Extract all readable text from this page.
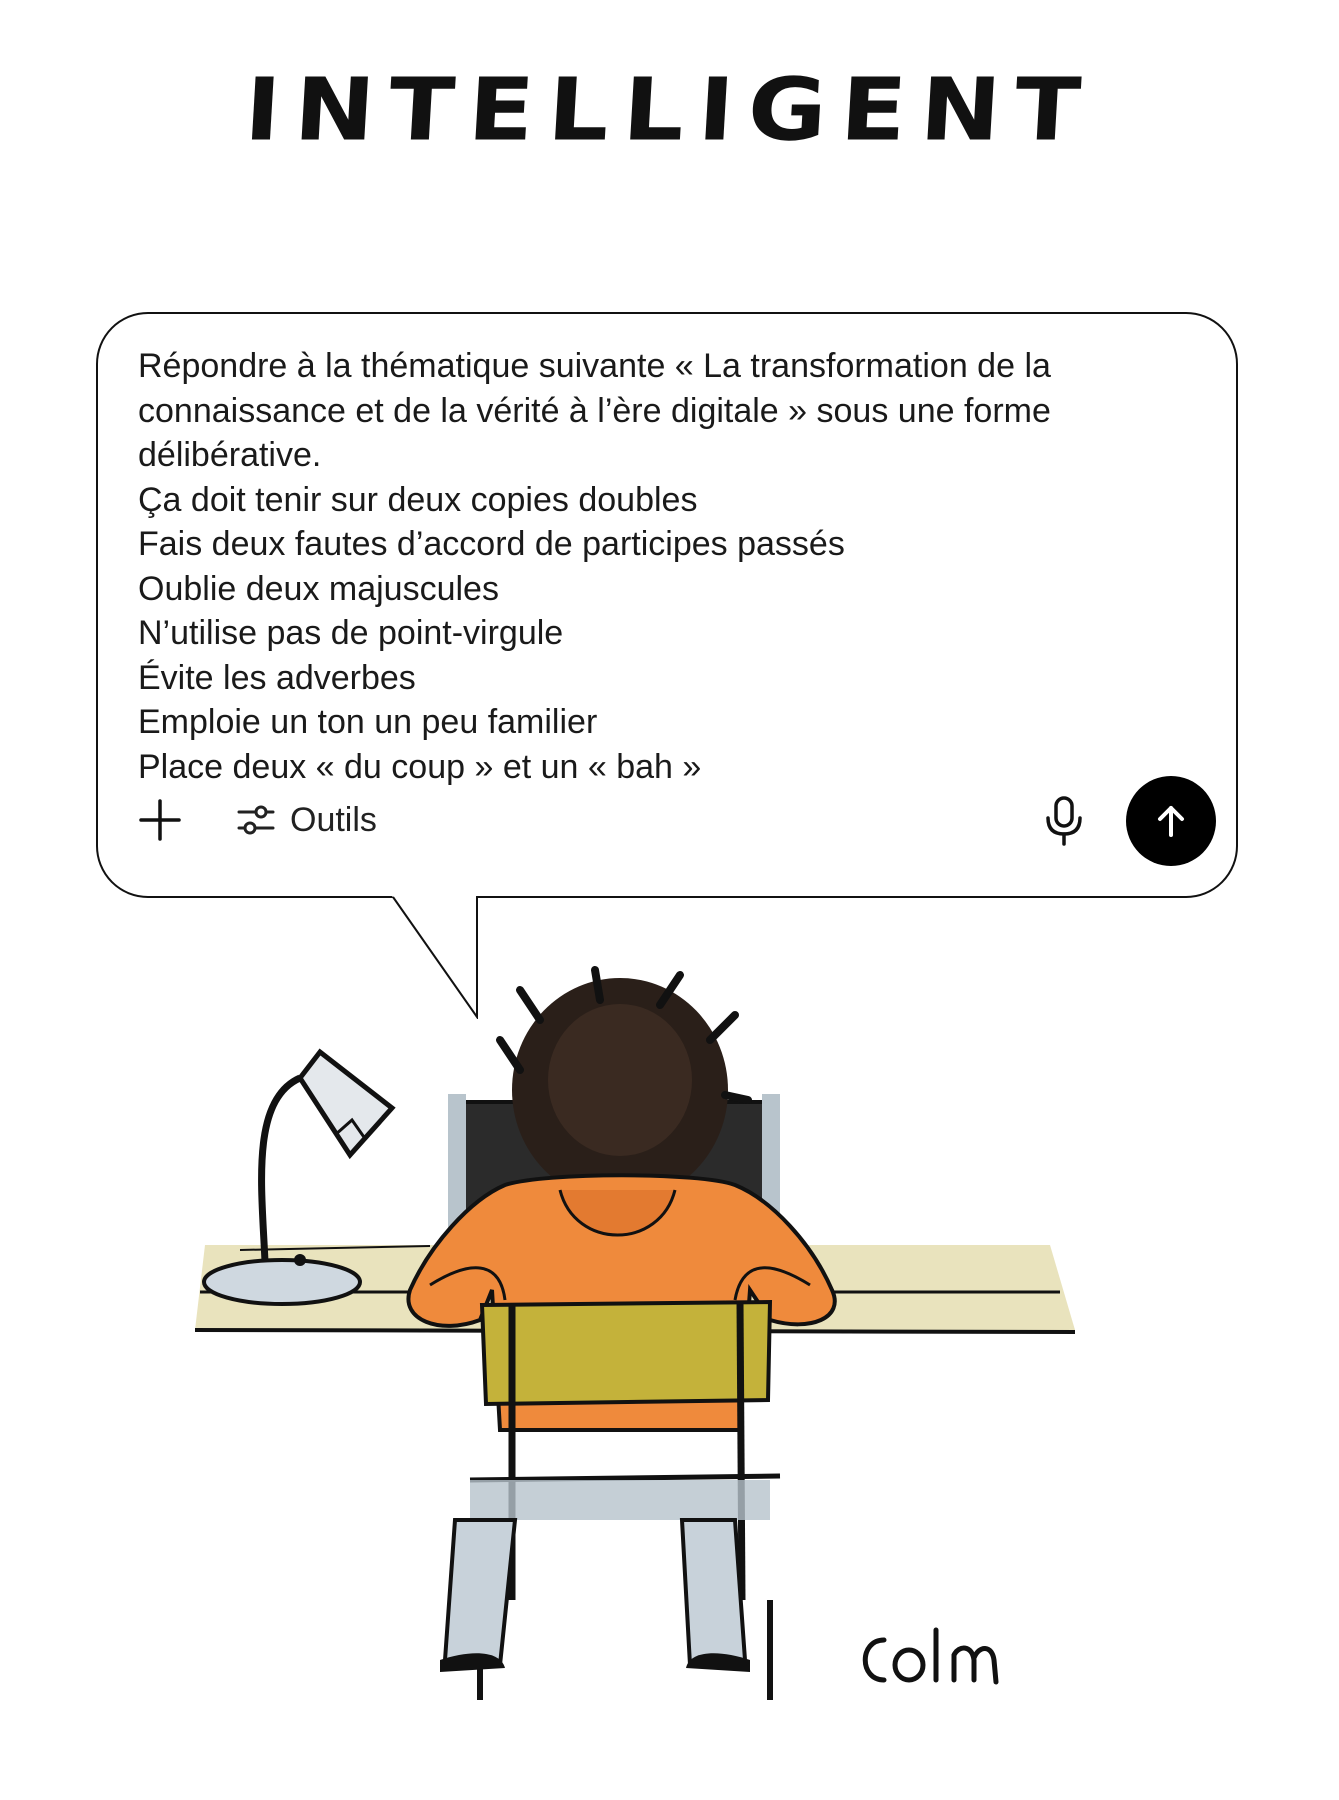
INTELLIGENT
Répondre à la thématique suivante « La transformation de la
connaissance et de la vérité à l’ère digitale » sous une forme
délibérative.
Ça doit tenir sur deux copies doubles
Fais deux fautes d’accord de participes passés
Oublie deux majuscules
N’utilise pas de point-virgule
Évite les adverbes
Emploie un ton un peu familier
Place deux « du coup » et un « bah »
Outils
